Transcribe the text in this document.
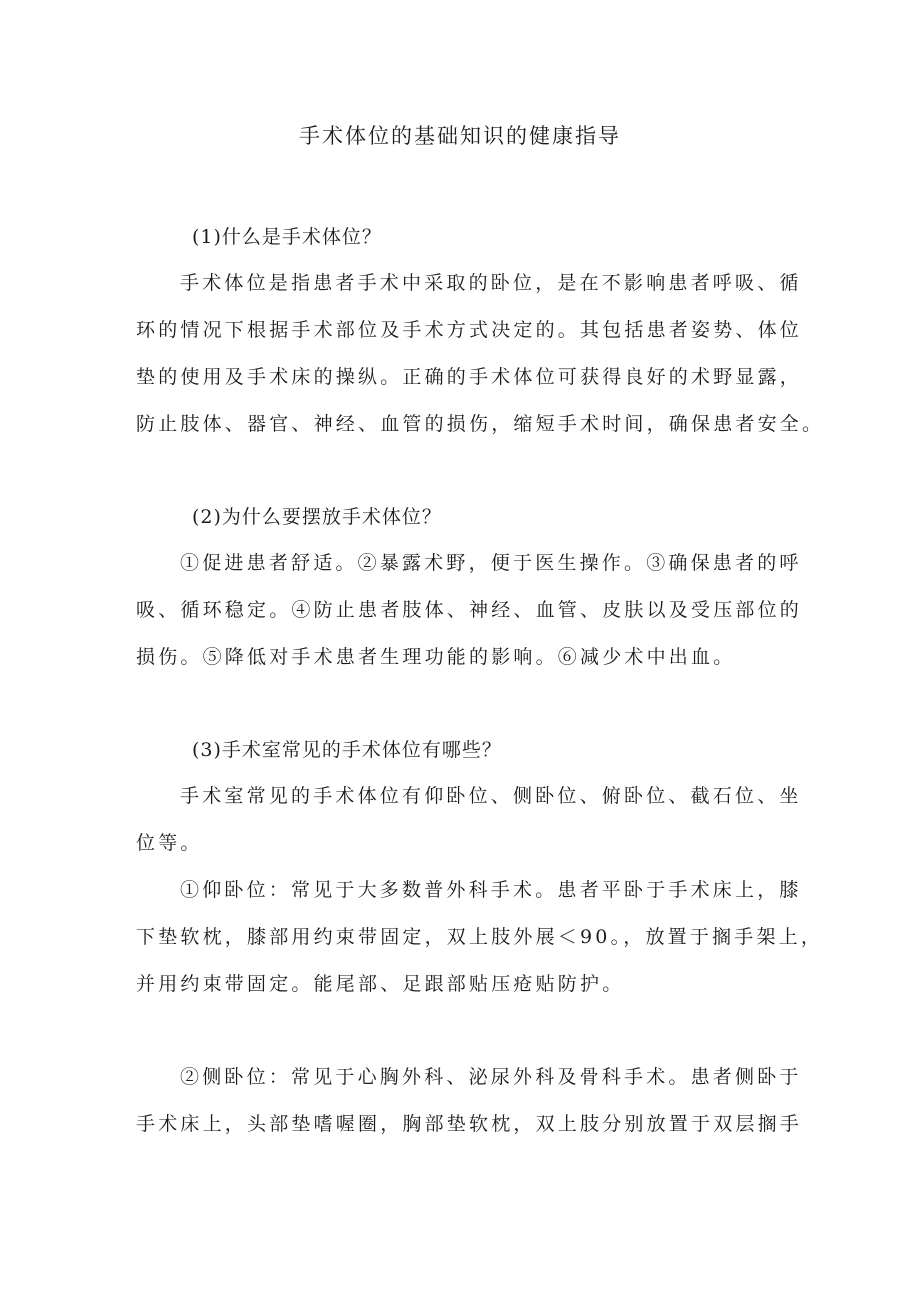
手术体位的基础知识的健康指导
(1)什么是手术体位？
手术体位是指患者手术中采取的卧位，是在不影响患者呼吸、循
环的情况下根据手术部位及手术方式决定的。其包括患者姿势、体位
垫的使用及手术床的操纵。正确的手术体位可获得良好的术野显露，
防止肢体、器官、神经、血管的损伤，缩短手术时间，确保患者安全。
(2)为什么要摆放手术体位？
①促进患者舒适。②暴露术野，便于医生操作。③确保患者的呼
吸、循环稳定。④防止患者肢体、神经、血管、皮肤以及受压部位的
损伤。⑤降低对手术患者生理功能的影响。⑥减少术中出血。
(3)手术室常见的手术体位有哪些？
手术室常见的手术体位有仰卧位、侧卧位、俯卧位、截石位、坐
位等。
①仰卧位：常见于大多数普外科手术。患者平卧于手术床上，膝
下垫软枕，膝部用约束带固定，双上肢外展＜90。，放置于搁手架上，
并用约束带固定。能尾部、足跟部贴压疮贴防护。
②侧卧位：常见于心胸外科、泌尿外科及骨科手术。患者侧卧于
手术床上，头部垫嗜喔圈，胸部垫软枕，双上肢分别放置于双层搁手
